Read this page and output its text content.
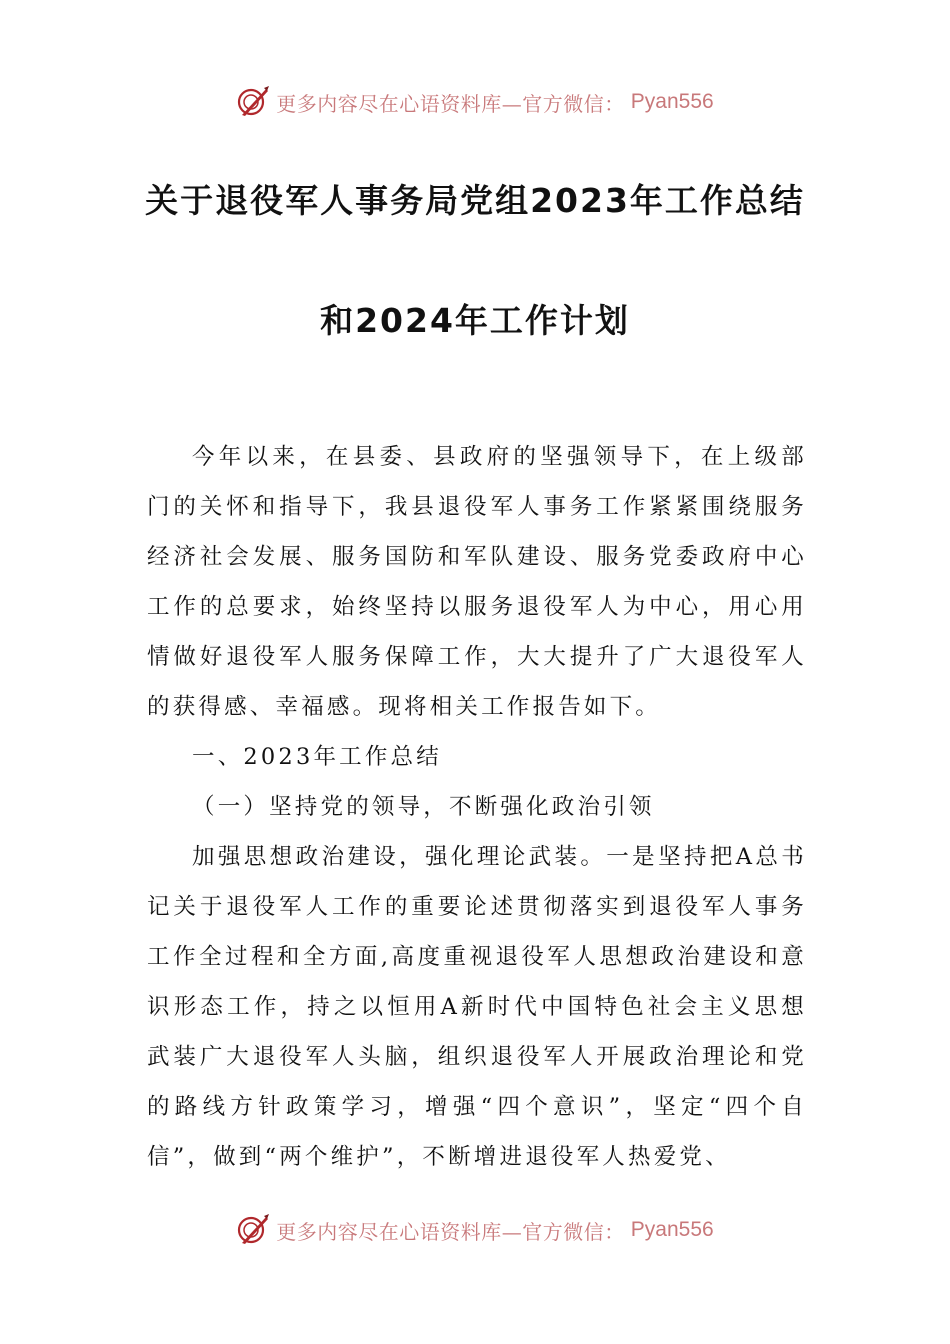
更多内容尽在心语资料库—官方微信： Pyan556
关于退役军人事务局党组2023年工作总结
和2024年工作计划

今年以来，在县委、县政府的坚强领导下，在上级部门的关怀和指导下，我县退役军人事务工作紧紧围绕服务经济社会发展、服务国防和军队建设、服务党委政府中心工作的总要求，始终坚持以服务退役军人为中心，用心用情做好退役军人服务保障工作，大大提升了广大退役军人的获得感、幸福感。现将相关工作报告如下。

一、2023年工作总结

（一）坚持党的领导，不断强化政治引领

加强思想政治建设，强化理论武装。一是坚持把A总书记关于退役军人工作的重要论述贯彻落实到退役军人事务工作全过程和全方面,高度重视退役军人思想政治建设和意识形态工作，持之以恒用A新时代中国特色社会主义思想武装广大退役军人头脑，组织退役军人开展政治理论和党的路线方针政策学习，增强“四个意识”，坚定“四个自信”，做到“两个维护”，不断增进退役军人热爱党、

更多内容尽在心语资料库—官方微信： Pyan556
